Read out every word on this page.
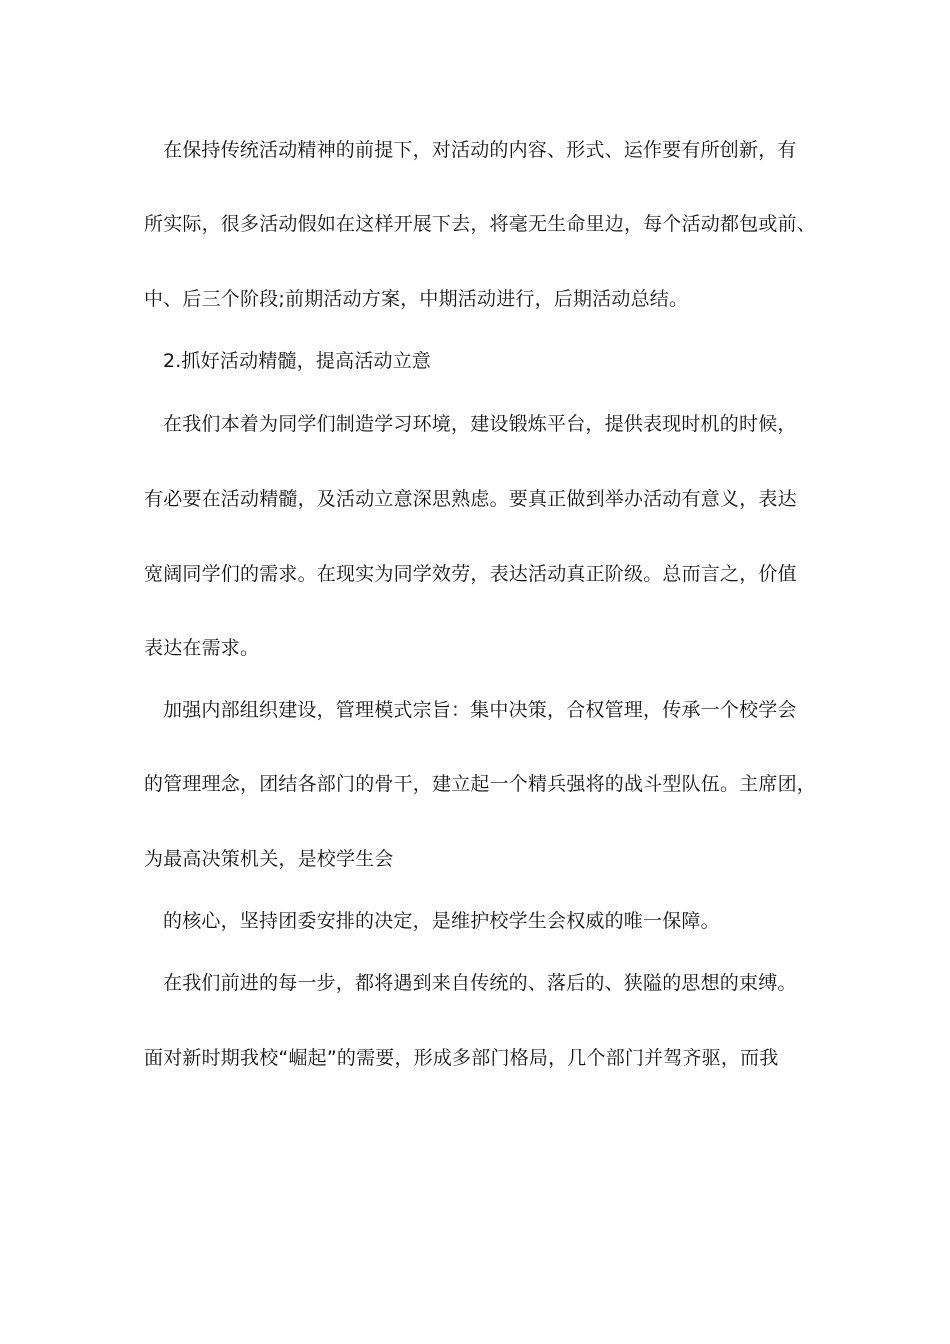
在保持传统活动精神的前提下，对活动的内容、形式、运作要有所创新，有
所实际，很多活动假如在这样开展下去，将毫无生命里边，每个活动都包或前、
中、后三个阶段;前期活动方案，中期活动进行，后期活动总结。
2.抓好活动精髓，提高活动立意
在我们本着为同学们制造学习环境，建设锻炼平台，提供表现时机的时候，
有必要在活动精髓，及活动立意深思熟虑。要真正做到举办活动有意义，表达
宽阔同学们的需求。在现实为同学效劳，表达活动真正阶级。总而言之，价值
表达在需求。
加强内部组织建设，管理模式宗旨：集中决策，合权管理，传承一个校学会
的管理理念，团结各部门的骨干，建立起一个精兵强将的战斗型队伍。主席团，
为最高决策机关，是校学生会
的核心，坚持团委安排的决定，是维护校学生会权威的唯一保障。
在我们前进的每一步，都将遇到来自传统的、落后的、狭隘的思想的束缚。
面对新时期我校“崛起”的需要，形成多部门格局，几个部门并驾齐驱，而我
